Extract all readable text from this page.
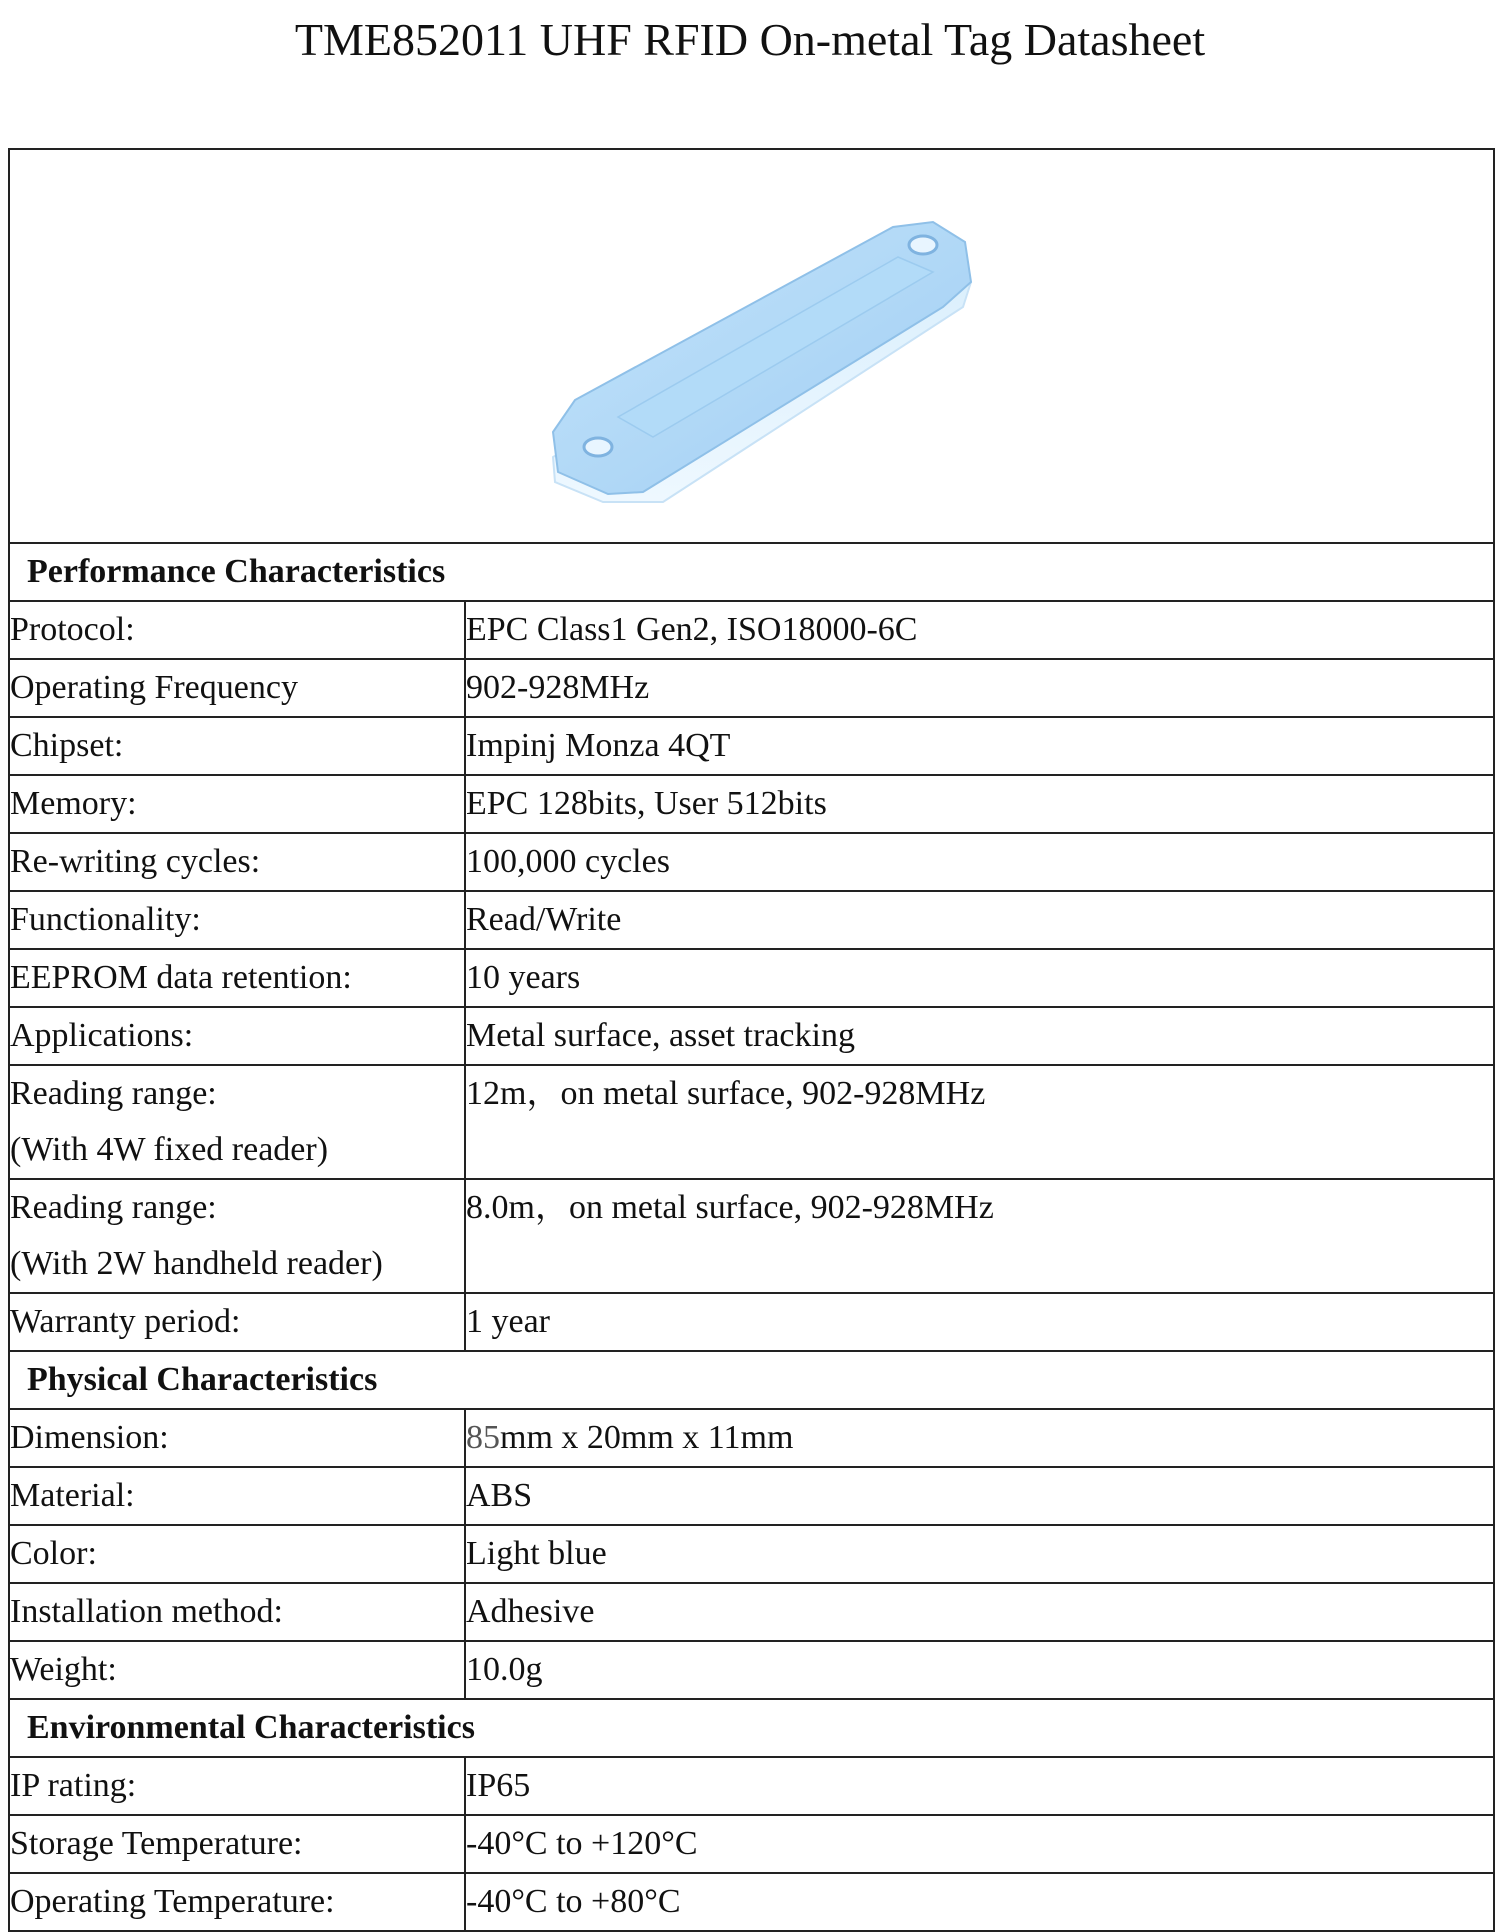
TME852011 UHF RFID On-metal Tag Datasheet

Performance Characteristics	
Protocol:	EPC Class1 Gen2, ISO18000-6C
Operating Frequency	902-928MHz
Chipset:	Impinj Monza 4QT
Memory:	EPC 128bits, User 512bits
Re-writing cycles:	100,000 cycles
Functionality:	Read/Write
EEPROM data retention:	10 years
Applications:	Metal surface, asset tracking

Reading range:
(With 4W fixed reader)	12m，on metal surface, 902-928MHz

Reading range:
(With 2W handheld reader)	8.0m，on metal surface, 902-928MHz
Warranty period:	1 year
Physical Characteristics	
Dimension:	85mm x 20mm x 11mm
Material:	ABS
Color:	Light blue
Installation method:	Adhesive
Weight:	10.0g
Environmental Characteristics	
IP rating:	IP65
Storage Temperature:	-40°C to +120°C
Operating Temperature:	-40°C to +80°C
